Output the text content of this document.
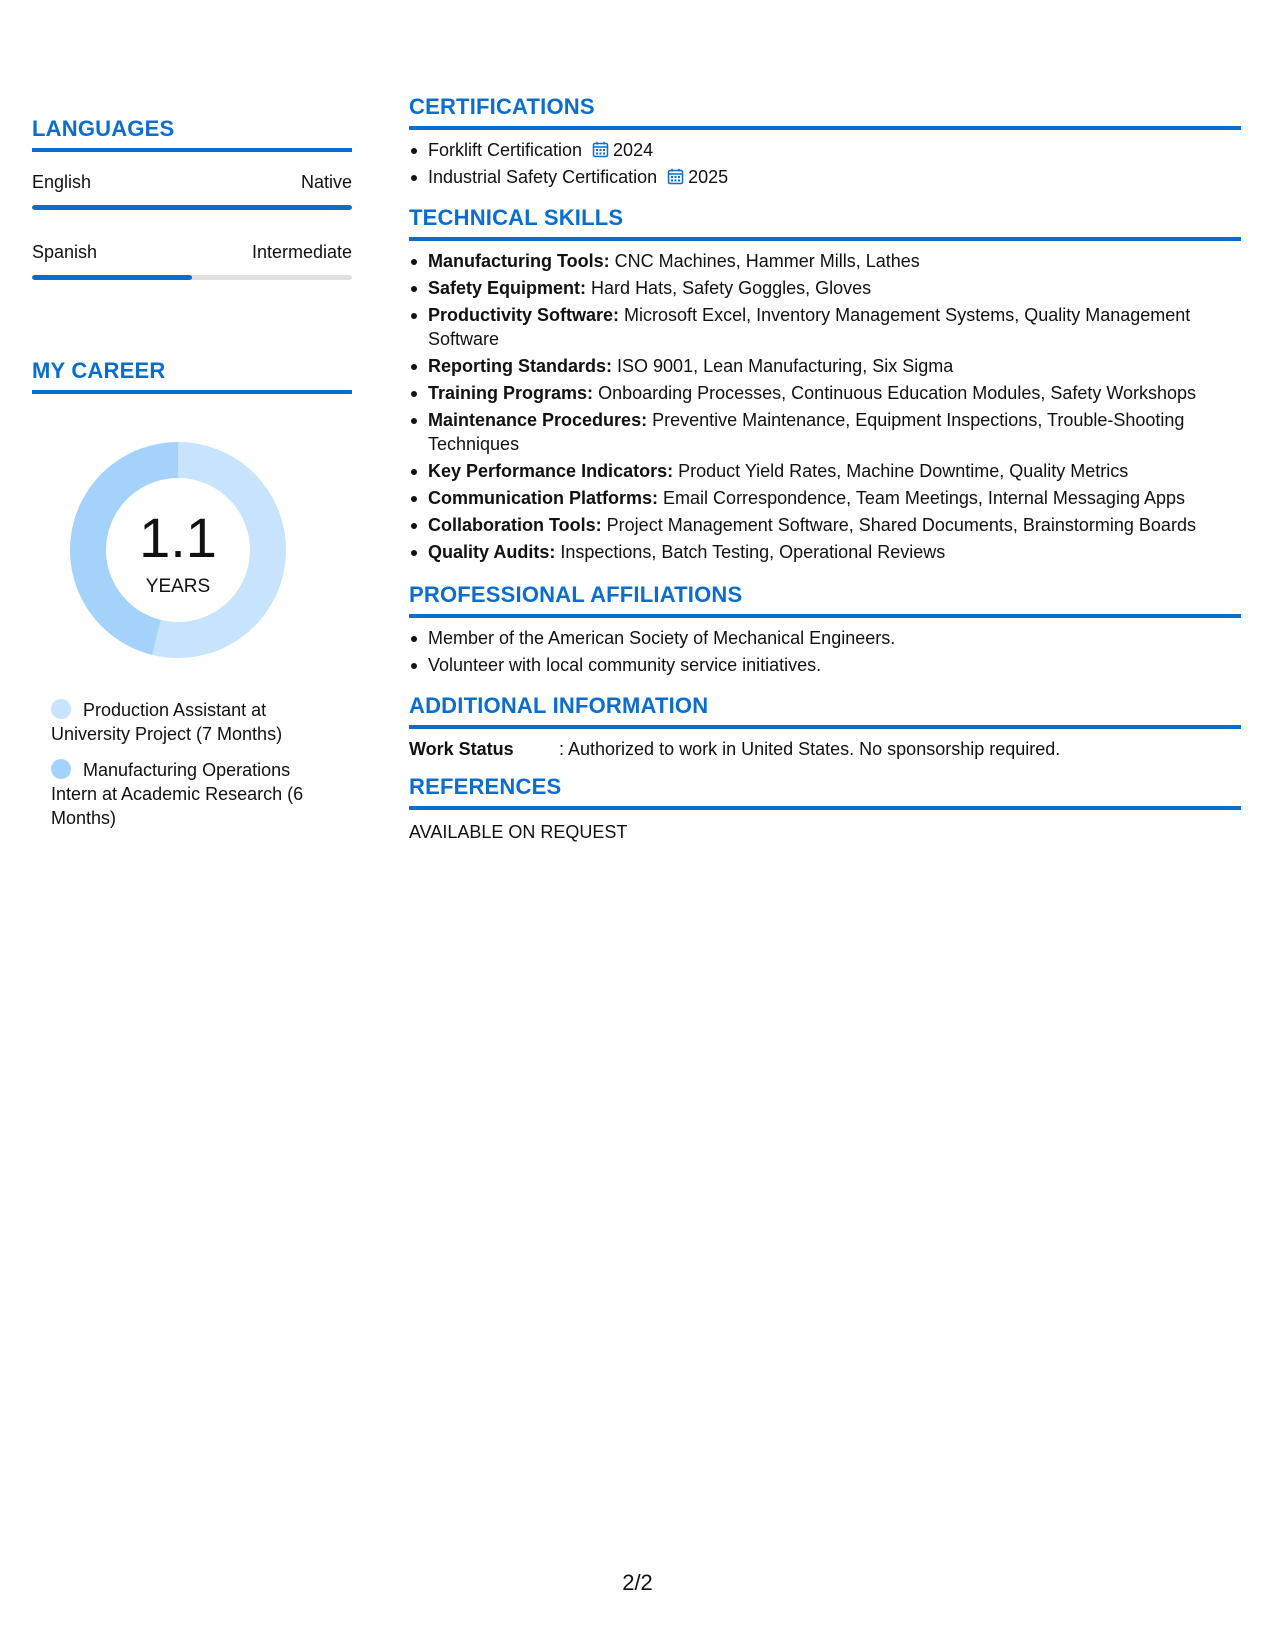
LANGUAGES
English	Native
Spanish	Intermediate
MY CAREER
1.1
YEARS
Production Assistant at University Project (7 Months)
Manufacturing Operations Intern at Academic Research (6 Months)
CERTIFICATIONS
Forklift Certification 2024
Industrial Safety Certification 2025
TECHNICAL SKILLS
Manufacturing Tools: CNC Machines, Hammer Mills, Lathes
Safety Equipment: Hard Hats, Safety Goggles, Gloves
Productivity Software: Microsoft Excel, Inventory Management Systems, Quality Management Software
Reporting Standards: ISO 9001, Lean Manufacturing, Six Sigma
Training Programs: Onboarding Processes, Continuous Education Modules, Safety Workshops
Maintenance Procedures: Preventive Maintenance, Equipment Inspections, Trouble-Shooting Techniques
Key Performance Indicators: Product Yield Rates, Machine Downtime, Quality Metrics
Communication Platforms: Email Correspondence, Team Meetings, Internal Messaging Apps
Collaboration Tools: Project Management Software, Shared Documents, Brainstorming Boards
Quality Audits: Inspections, Batch Testing, Operational Reviews
PROFESSIONAL AFFILIATIONS
Member of the American Society of Mechanical Engineers.
Volunteer with local community service initiatives.
ADDITIONAL INFORMATION
Work Status	: Authorized to work in United States. No sponsorship required.
REFERENCES
AVAILABLE ON REQUEST
2/2
